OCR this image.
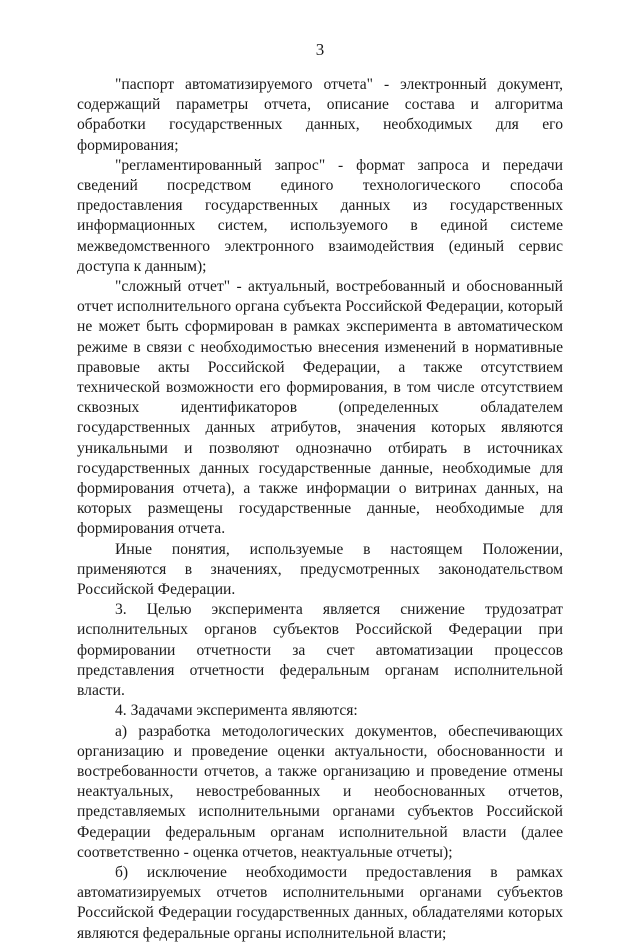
3

"паспорт автоматизируемого отчета" - электронный документ, содержащий параметры отчета, описание состава и алгоритма обработки государственных данных, необходимых для его формирования;

"регламентированный запрос" - формат запроса и передачи сведений посредством единого технологического способа предоставления государственных данных из государственных информационных систем, используемого в единой системе межведомственного электронного взаимодействия (единый сервис доступа к данным);

"сложный отчет" - актуальный, востребованный и обоснованный отчет исполнительного органа субъекта Российской Федерации, который не может быть сформирован в рамках эксперимента в автоматическом режиме в связи с необходимостью внесения изменений в нормативные правовые акты Российской Федерации, а также отсутствием технической возможности его формирования, в том числе отсутствием сквозных идентификаторов (определенных обладателем государственных данных атрибутов, значения которых являются уникальными и позволяют однозначно отбирать в источниках государственных данных государственные данные, необходимые для формирования отчета), а также информации о витринах данных, на которых размещены государственные данные, необходимые для формирования отчета.

Иные понятия, используемые в настоящем Положении, применяются в значениях, предусмотренных законодательством Российской Федерации.

3. Целью эксперимента является снижение трудозатрат исполнительных органов субъектов Российской Федерации при формировании отчетности за счет автоматизации процессов представления отчетности федеральным органам исполнительной власти.

4. Задачами эксперимента являются:

а) разработка методологических документов, обеспечивающих организацию и проведение оценки актуальности, обоснованности и востребованности отчетов, а также организацию и проведение отмены неактуальных, невостребованных и необоснованных отчетов, представляемых исполнительными органами субъектов Российской Федерации федеральным органам исполнительной власти (далее соответственно - оценка отчетов, неактуальные отчеты);

б) исключение необходимости предоставления в рамках автоматизируемых отчетов исполнительными органами субъектов Российской Федерации государственных данных, обладателями которых являются федеральные органы исполнительной власти;
